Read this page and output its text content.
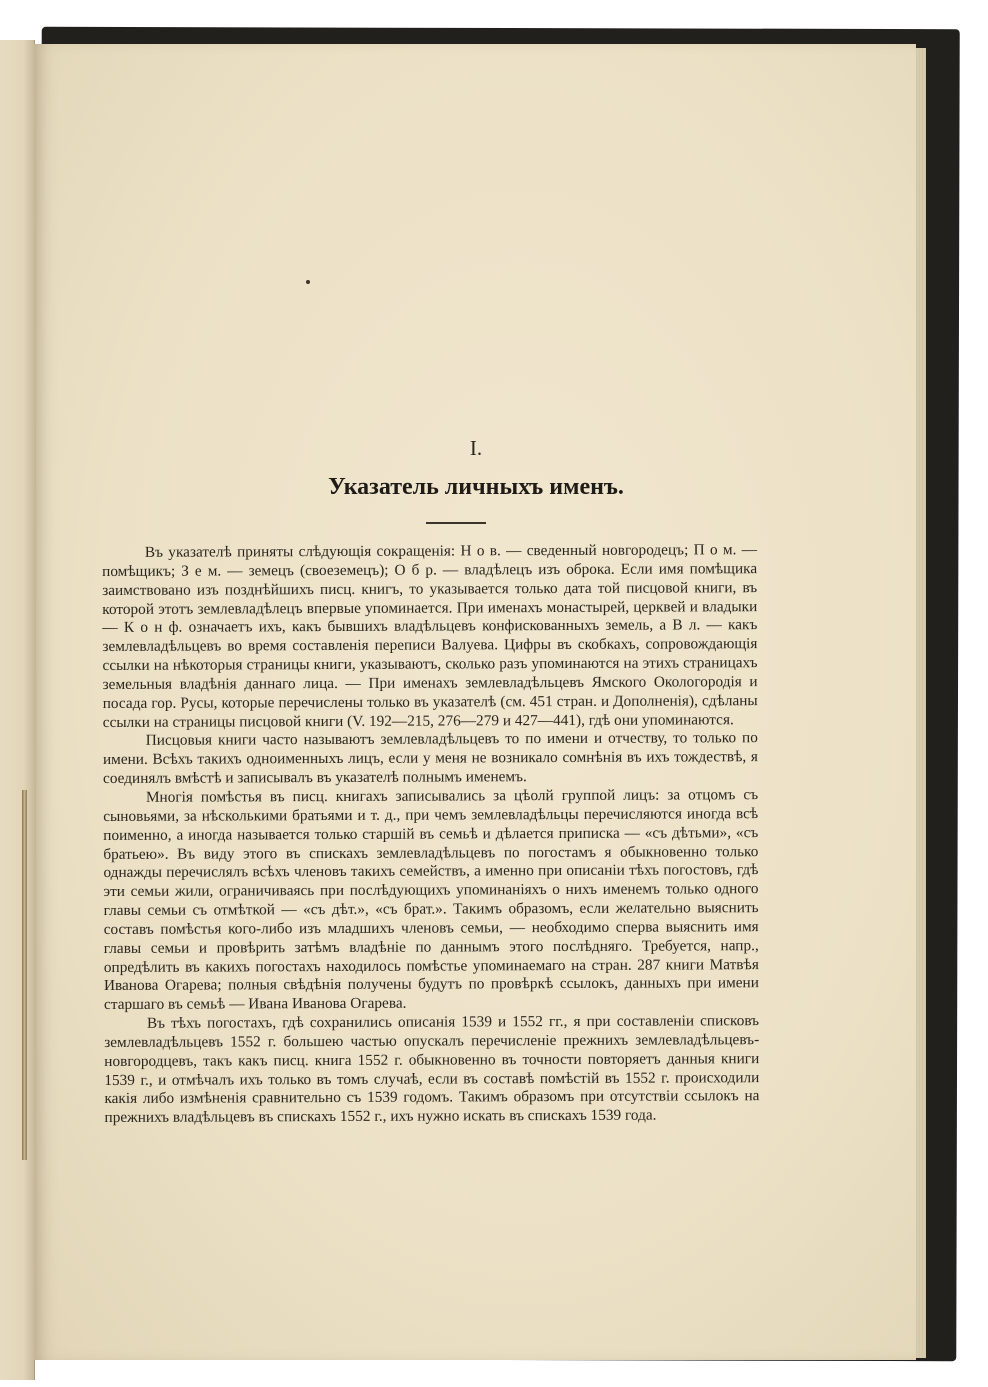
I.
Указатель личныхъ именъ.

Въ указателѣ приняты слѣдующія сокращенія: Н о в. — сведенный новгородецъ; П о м. — помѣщикъ; З е м. — земецъ (своеземецъ); О б р. — владѣлецъ изъ оброка. Если имя помѣщика заимствовано изъ позднѣйшихъ писц. книгъ, то указывается только дата той писцовой книги, въ которой этотъ землевладѣлецъ впервые упоминается. При именахъ монастырей, церквей и владыки — К о н ф. означаетъ ихъ, какъ бывшихъ владѣльцевъ конфискованныхъ земель, а В л. — какъ землевладѣльцевъ во время составленія переписи Валуева. Цифры въ скобкахъ, сопровождающія ссылки на нѣкоторыя страницы книги, указываютъ, сколько разъ упоминаются на этихъ страницахъ земельныя владѣнія даннаго лица. — При именахъ землевладѣльцевъ Ямского Окологородія и посада гор. Русы, которые перечислены только въ указателѣ (см. 451 стран. и Дополненія), сдѣланы ссылки на страницы писцовой книги (V. 192—215, 276—279 и 427—441), гдѣ они упоминаются.

Писцовыя книги часто называютъ землевладѣльцевъ то по имени и отчеству, то только по имени. Всѣхъ такихъ одноименныхъ лицъ, если у меня не возникало сомнѣнія въ ихъ тождествѣ, я соединялъ вмѣстѣ и записывалъ въ указателѣ полнымъ именемъ.

Многія помѣстья въ писц. книгахъ записывались за цѣолй группой лицъ: за отцомъ съ сыновьями, за нѣсколькими братьями и т. д., при чемъ землевладѣльцы перечисляются иногда всѣ поименно, а иногда называется только старшій въ семьѣ и дѣлается приписка — «съ дѣтьми», «съ братьею». Въ виду этого въ спискахъ землевладѣльцевъ по погостамъ я обыкновенно только однажды перечислялъ всѣхъ членовъ такихъ семействъ, а именно при описаніи тѣхъ погостовъ, гдѣ эти семьи жили, ограничиваясь при послѣдующихъ упоминаніяхъ о нихъ именемъ только одного главы семьи съ отмѣткой — «съ дѣт.», «съ брат.». Такимъ образомъ, если желательно выяснить составъ помѣстья кого-либо изъ младшихъ членовъ семьи, — необходимо сперва выяснить имя главы семьи и провѣрить затѣмъ владѣніе по даннымъ этого послѣдняго. Требуется, напр., опредѣлить въ какихъ погостахъ находилось помѣстье упоминаемаго на стран. 287 книги Матвѣя Иванова Огарева; полныя свѣдѣнія получены будутъ по провѣркѣ ссылокъ, данныхъ при имени старшаго въ семьѣ — Ивана Иванова Огарева.

Въ тѣхъ погостахъ, гдѣ сохранились описанія 1539 и 1552 гг., я при составленіи списковъ землевладѣльцевъ 1552 г. большею частью опускалъ перечисленіе прежнихъ землевладѣльцевъ-новгородцевъ, такъ какъ писц. книга 1552 г. обыкновенно въ точности повторяетъ данныя книги 1539 г., и отмѣчалъ ихъ только въ томъ случаѣ, если въ составѣ помѣстій въ 1552 г. происходили какія либо измѣненія сравнительно съ 1539 годомъ. Такимъ образомъ при отсутствіи ссылокъ на прежнихъ владѣльцевъ въ спискахъ 1552 г., ихъ нужно искать въ спискахъ 1539 года.
